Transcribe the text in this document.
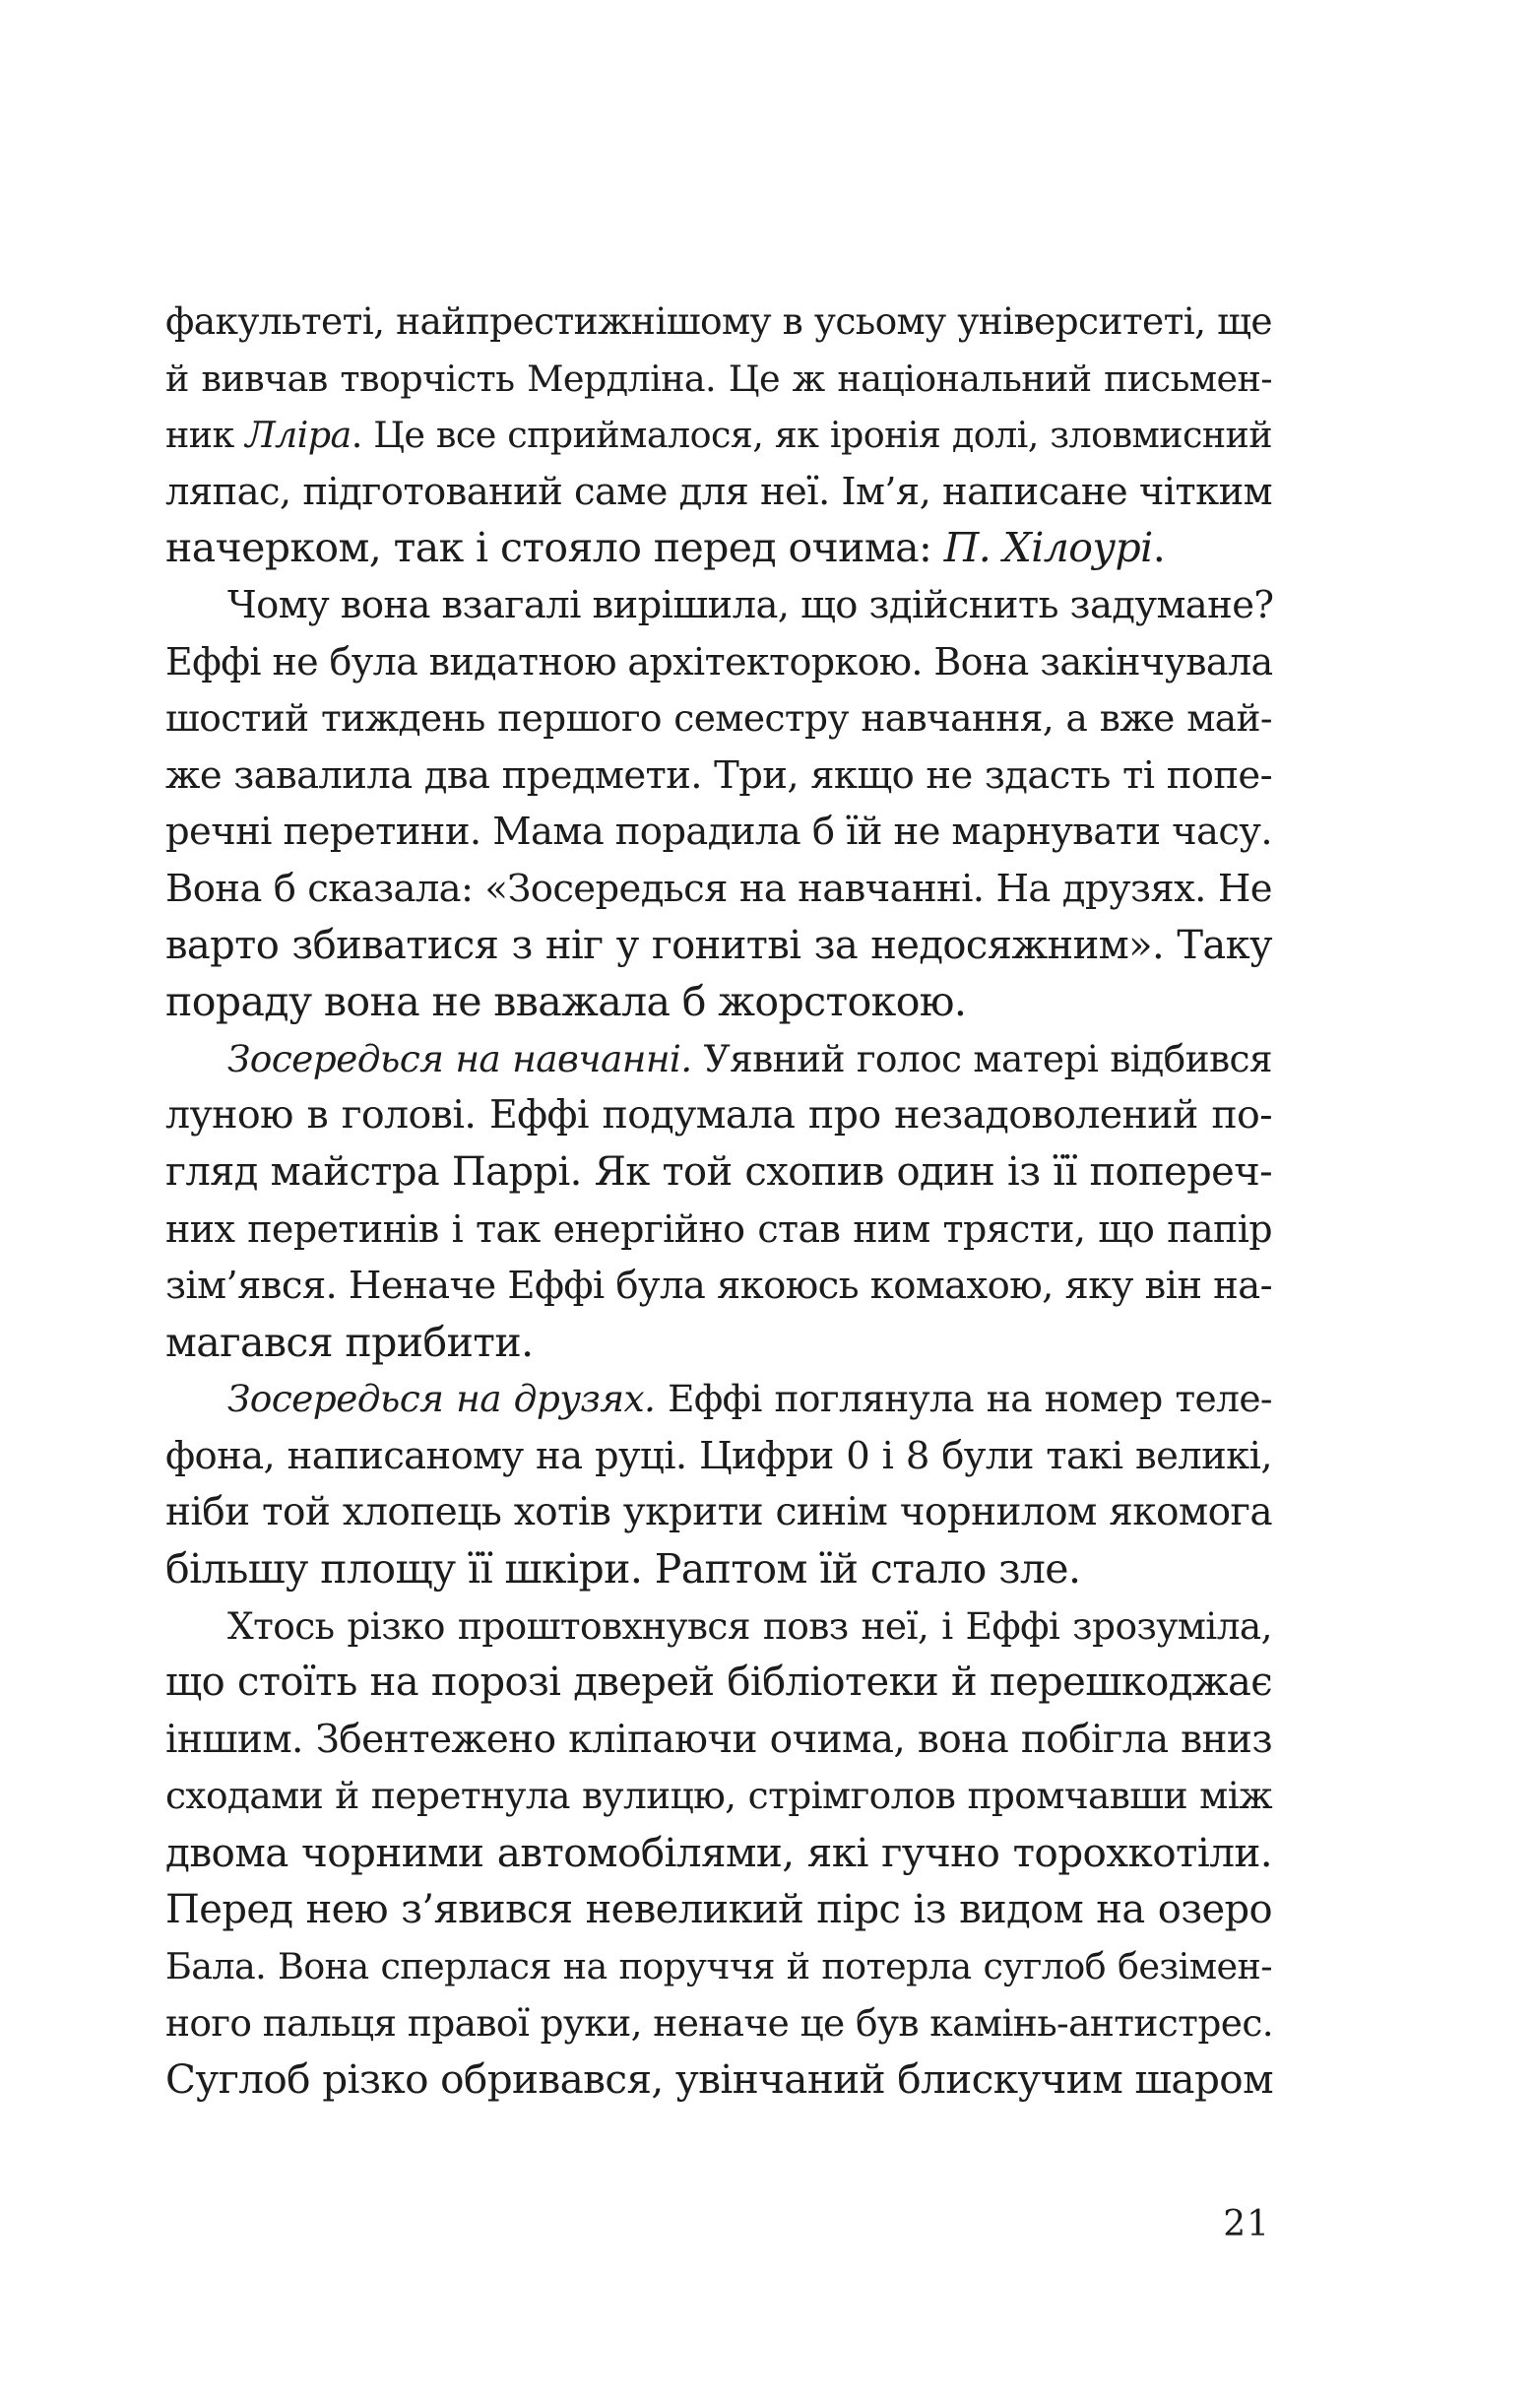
факультеті, найпрестижнішому в усьому університеті, ще
й вивчав творчість Мердліна. Це ж національний письмен-
ник Лліра. Це все сприймалося, як іронія долі, зловмисний
ляпас, підготований саме для неї. Ім’я, написане чітким
начерком, так і стояло перед очима: П. Хілоурі.
Чому вона взагалі вирішила, що здійснить задумане?
Еффі не була видатною архітекторкою. Вона закінчувала
шостий тиждень першого семестру навчання, а вже май-
же завалила два предмети. Три, якщо не здасть ті попе-
речні перетини. Мама порадила б їй не марнувати часу.
Вона б сказала: «Зосередься на навчанні. На друзях. Не
варто збиватися з ніг у гонитві за недосяжним». Таку
пораду вона не вважала б жорстокою.
Зосередься на навчанні. Уявний голос матері відбився
луною в голові. Еффі подумала про незадоволений по-
гляд майстра Паррі. Як той схопив один із її попереч-
них перетинів і так енергійно став ним трясти, що папір
зім’явся. Неначе Еффі була якоюсь комахою, яку він на-
магався прибити.
Зосередься на друзях. Еффі поглянула на номер теле-
фона, написаному на руці. Цифри 0 і 8 були такі великі,
ніби той хлопець хотів укрити синім чорнилом якомога
більшу площу її шкіри. Раптом їй стало зле.
Хтось різко проштовхнувся повз неї, і Еффі зрозуміла,
що стоїть на порозі дверей бібліотеки й перешкоджає
іншим. Збентежено кліпаючи очима, вона побігла вниз
сходами й перетнула вулицю, стрімголов промчавши між
двома чорними автомобілями, які гучно торохкотіли.
Перед нею з’явився невеликий пірс із видом на озеро
Бала. Вона сперлася на поруччя й потерла суглоб безімен-
ного пальця правої руки, неначе це був камінь-антистрес.
Суглоб різко обривався, увінчаний блискучим шаром
21
